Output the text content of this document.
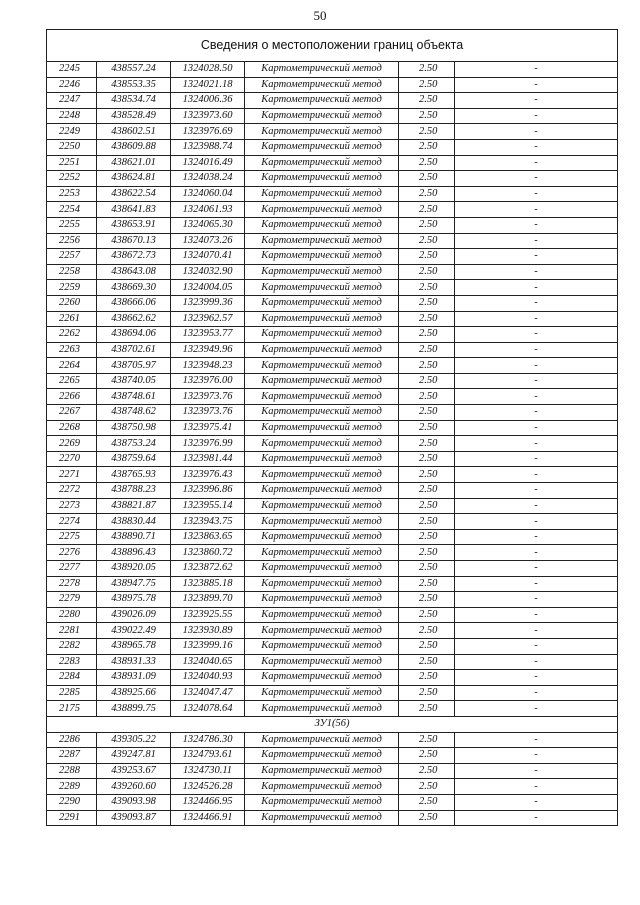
50
Сведения о местоположении границ объекта					
2245	438557.24	1324028.50	Картометрический метод	2.50	-
2246	438553.35	1324021.18	Картометрический метод	2.50	-
2247	438534.74	1324006.36	Картометрический метод	2.50	-
2248	438528.49	1323973.60	Картометрический метод	2.50	-
2249	438602.51	1323976.69	Картометрический метод	2.50	-
2250	438609.88	1323988.74	Картометрический метод	2.50	-
2251	438621.01	1324016.49	Картометрический метод	2.50	-
2252	438624.81	1324038.24	Картометрический метод	2.50	-
2253	438622.54	1324060.04	Картометрический метод	2.50	-
2254	438641.83	1324061.93	Картометрический метод	2.50	-
2255	438653.91	1324065.30	Картометрический метод	2.50	-
2256	438670.13	1324073.26	Картометрический метод	2.50	-
2257	438672.73	1324070.41	Картометрический метод	2.50	-
2258	438643.08	1324032.90	Картометрический метод	2.50	-
2259	438669.30	1324004.05	Картометрический метод	2.50	-
2260	438666.06	1323999.36	Картометрический метод	2.50	-
2261	438662.62	1323962.57	Картометрический метод	2.50	-
2262	438694.06	1323953.77	Картометрический метод	2.50	-
2263	438702.61	1323949.96	Картометрический метод	2.50	-
2264	438705.97	1323948.23	Картометрический метод	2.50	-
2265	438740.05	1323976.00	Картометрический метод	2.50	-
2266	438748.61	1323973.76	Картометрический метод	2.50	-
2267	438748.62	1323973.76	Картометрический метод	2.50	-
2268	438750.98	1323975.41	Картометрический метод	2.50	-
2269	438753.24	1323976.99	Картометрический метод	2.50	-
2270	438759.64	1323981.44	Картометрический метод	2.50	-
2271	438765.93	1323976.43	Картометрический метод	2.50	-
2272	438788.23	1323996.86	Картометрический метод	2.50	-
2273	438821.87	1323955.14	Картометрический метод	2.50	-
2274	438830.44	1323943.75	Картометрический метод	2.50	-
2275	438890.71	1323863.65	Картометрический метод	2.50	-
2276	438896.43	1323860.72	Картометрический метод	2.50	-
2277	438920.05	1323872.62	Картометрический метод	2.50	-
2278	438947.75	1323885.18	Картометрический метод	2.50	-
2279	438975.78	1323899.70	Картометрический метод	2.50	-
2280	439026.09	1323925.55	Картометрический метод	2.50	-
2281	439022.49	1323930.89	Картометрический метод	2.50	-
2282	438965.78	1323999.16	Картометрический метод	2.50	-
2283	438931.33	1324040.65	Картометрический метод	2.50	-
2284	438931.09	1324040.93	Картометрический метод	2.50	-
2285	438925.66	1324047.47	Картометрический метод	2.50	-
2175	438899.75	1324078.64	Картометрический метод	2.50	-
ЗУ1(56)					
2286	439305.22	1324786.30	Картометрический метод	2.50	-
2287	439247.81	1324793.61	Картометрический метод	2.50	-
2288	439253.67	1324730.11	Картометрический метод	2.50	-
2289	439260.60	1324526.28	Картометрический метод	2.50	-
2290	439093.98	1324466.95	Картометрический метод	2.50	-
2291	439093.87	1324466.91	Картометрический метод	2.50	-
